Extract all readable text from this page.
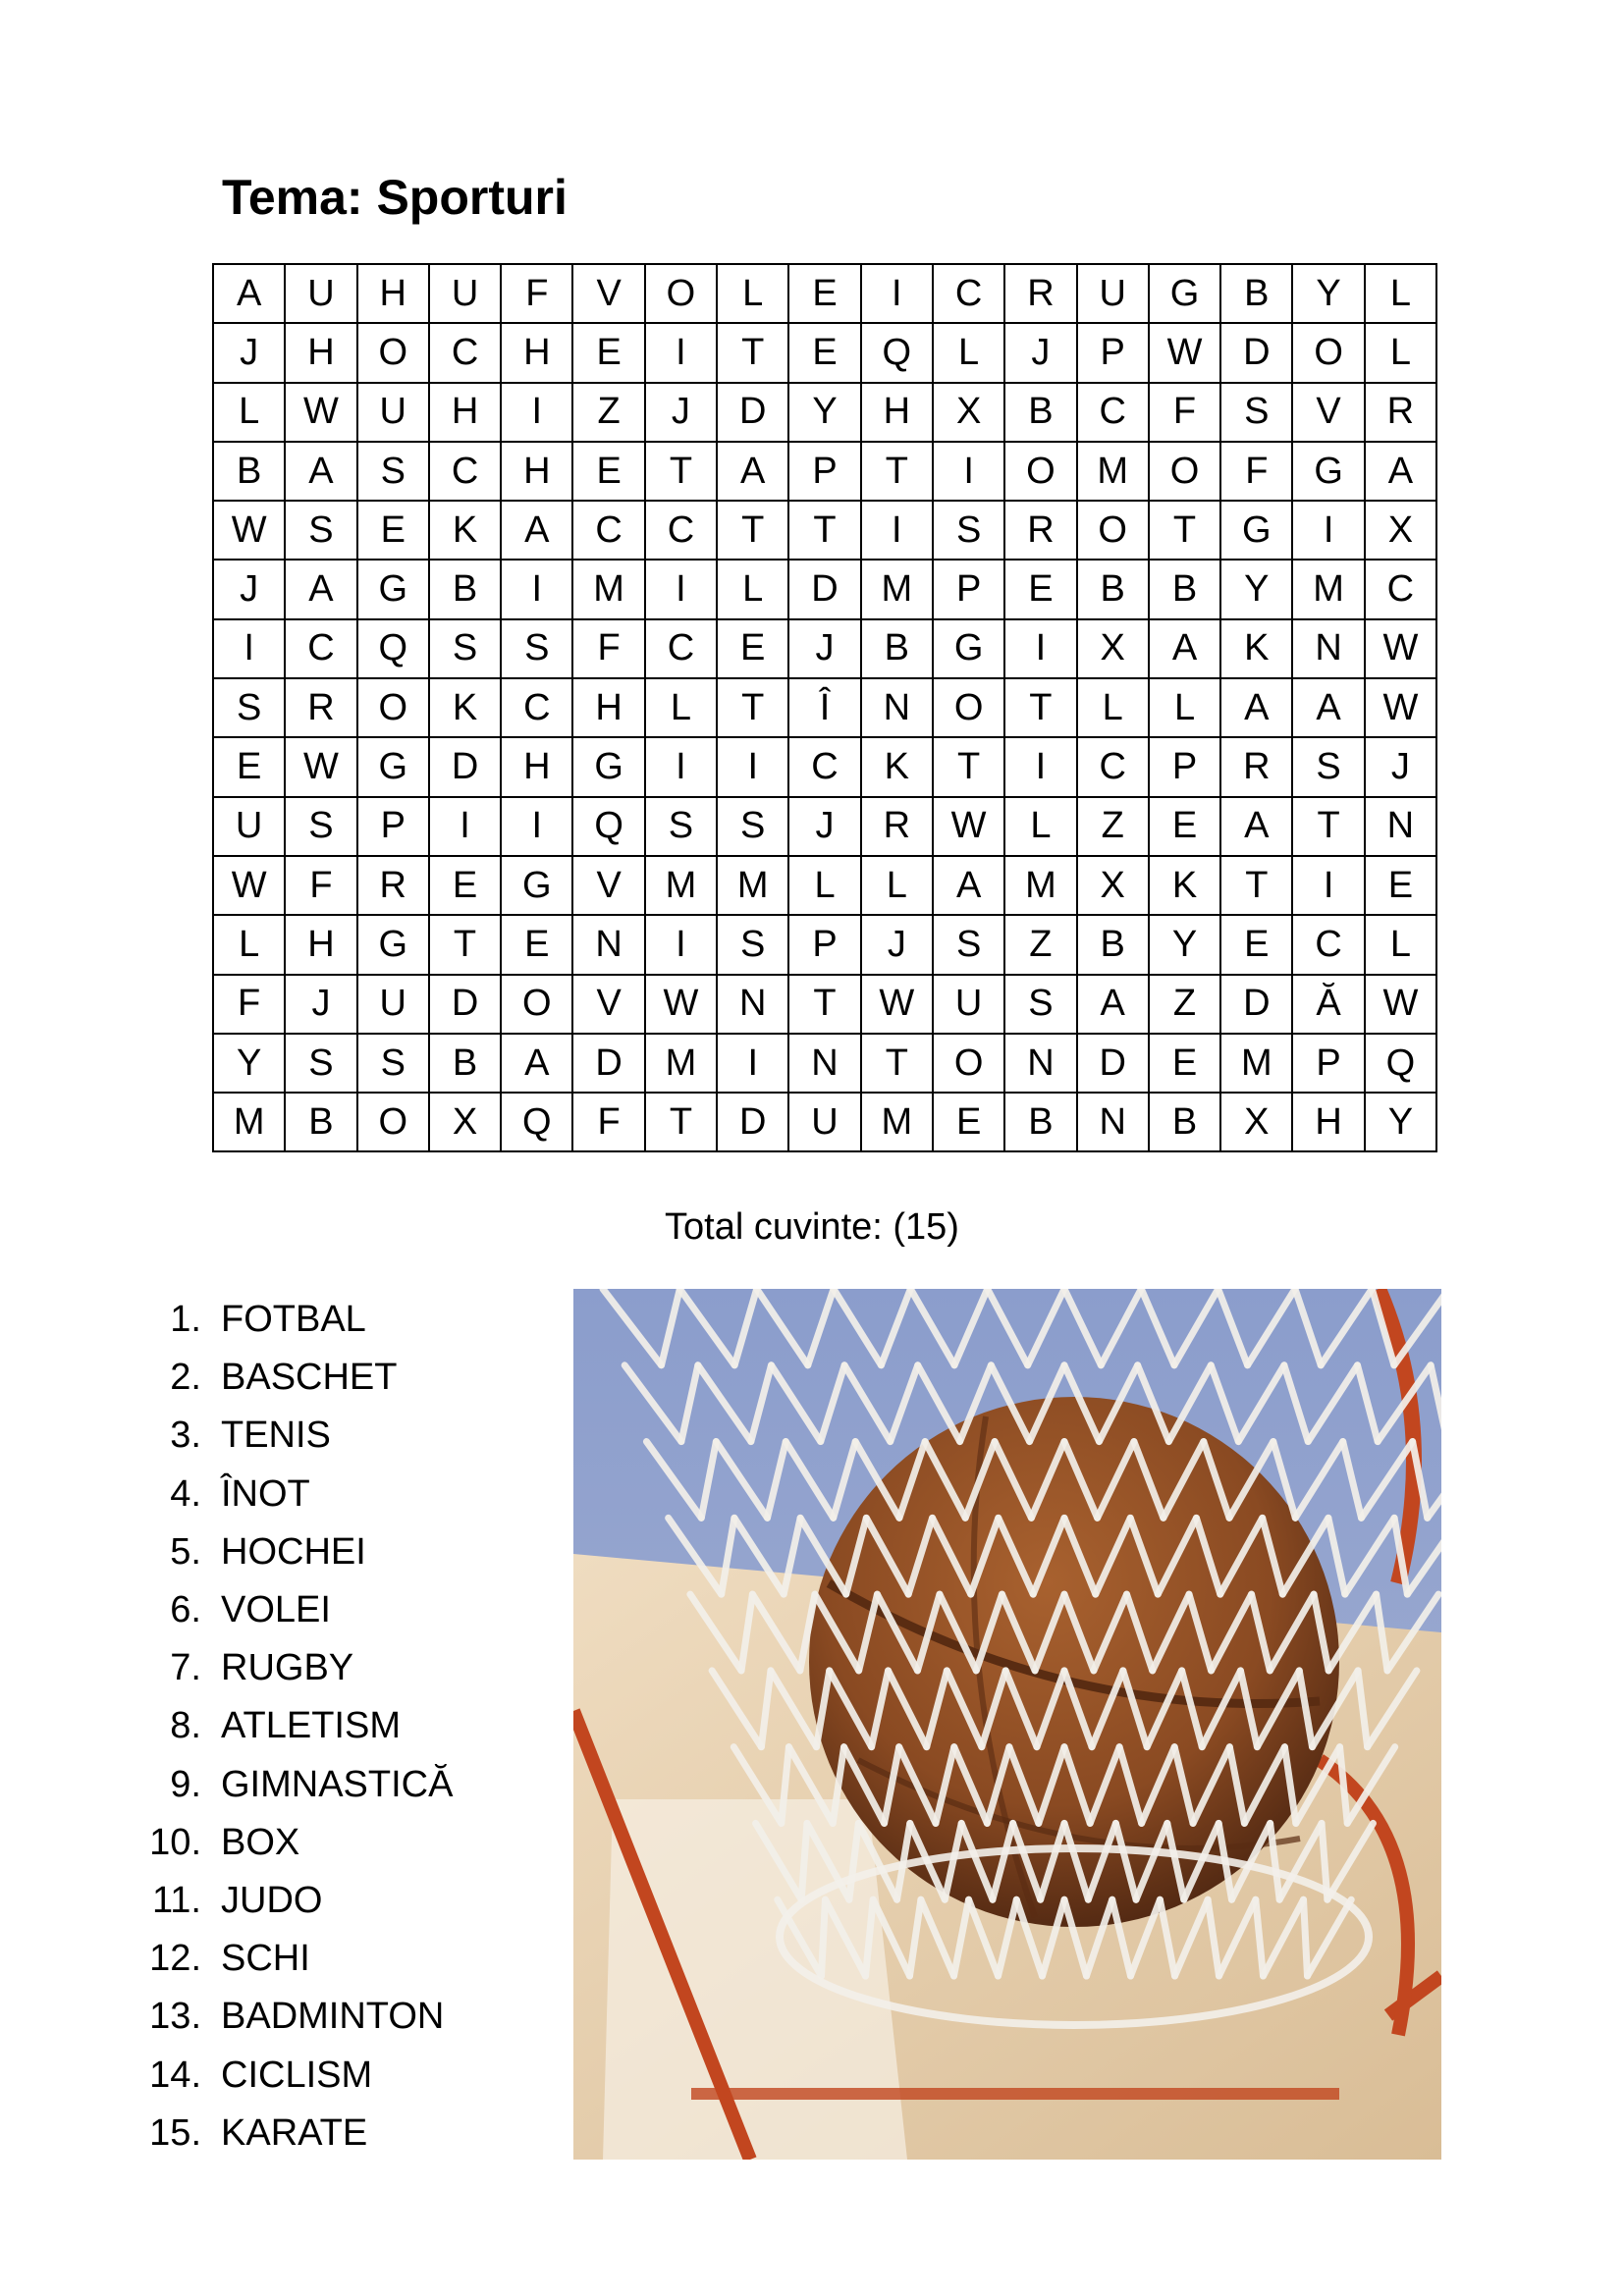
Tema: Sporturi
A	U	H	U	F	V	O	L	E	I	C	R	U	G	B	Y	L
J	H	O	C	H	E	I	T	E	Q	L	J	P	W	D	O	L
L	W	U	H	I	Z	J	D	Y	H	X	B	C	F	S	V	R
B	A	S	C	H	E	T	A	P	T	I	O	M	O	F	G	A
W	S	E	K	A	C	C	T	T	I	S	R	O	T	G	I	X
J	A	G	B	I	M	I	L	D	M	P	E	B	B	Y	M	C
I	C	Q	S	S	F	C	E	J	B	G	I	X	A	K	N	W
S	R	O	K	C	H	L	T	Î	N	O	T	L	L	A	A	W
E	W	G	D	H	G	I	I	C	K	T	I	C	P	R	S	J
U	S	P	I	I	Q	S	S	J	R	W	L	Z	E	A	T	N
W	F	R	E	G	V	M	M	L	L	A	M	X	K	T	I	E
L	H	G	T	E	N	I	S	P	J	S	Z	B	Y	E	C	L
F	J	U	D	O	V	W	N	T	W	U	S	A	Z	D	Ă	W
Y	S	S	B	A	D	M	I	N	T	O	N	D	E	M	P	Q
M	B	O	X	Q	F	T	D	U	M	E	B	N	B	X	H	Y
Total cuvinte: (15)
1. FOTBAL
2. BASCHET
3. TENIS
4. ÎNOT
5. HOCHEI
6. VOLEI
7. RUGBY
8. ATLETISM
9. GIMNASTICĂ
10. BOX
11. JUDO
12. SCHI
13. BADMINTON
14. CICLISM
15. KARATE
